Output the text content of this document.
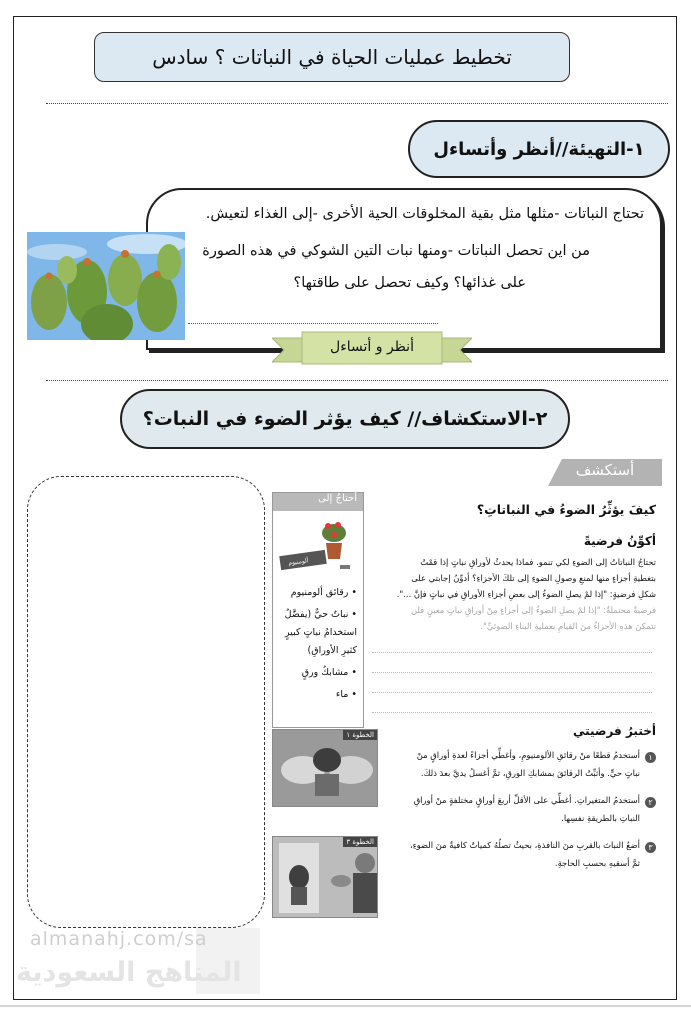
تخطيط عمليات الحياة في النباتات ؟ سادس
١-التهيئة//أنظر وأتساءل
تحتاج النباتات -مثلها مثل بقية المخلوقات الحية الأخرى -إلى الغذاء لتعيش.
من اين تحصل النباتات -ومنها نبات التين الشوكي في هذه الصورة
على غذائها؟ وكيف تحصل على طاقتها؟
أنظر و أتساءل
٢-الاستكشاف// كيف يؤثر الضوء في النبات؟
أستكشف
كيفَ يؤثِّرُ الضوءُ في النباتاتِ؟
أكوِّنُ فرضيةً
تحتاجُ النباتاتُ إلى الضوءِ لكي تنمو. فماذا يحدثُ لأوراقِ نباتٍ إذا قمْتُ
بتغطيةِ أجزاءٍ منها لمنعِ وصولِ الضوءِ إلى تلكَ الأجزاءِ؟ أدوِّنُ إجابتي على
شكلِ فرضيةٍ: "إذا لمْ يصلِ الضوءُ إلى بعضِ أجزاءِ الأوراقِ في نباتٍ فإنَّ ...".
فرضيةٌ محتملةٌ: "إذا لمْ يصلِ الضوءُ إلى أجزاءٍ مِنْ أوراقِ نباتٍ معينٍ فلن
تتمكنَ هذهِ الأجزاءُ منَ القيامِ بعمليةِ البناءِ الضوئيِّ".
أختبرُ فرضيتي
١
أستخدمُ قطعًا منْ رقائقِ الألومنيومِ، وأغطِّي أجزاءً لعدةِ أوراقٍ منْ
نباتٍ حيٍّ. وأثبِّتُ الرقائقَ بمشابكِ الورقِ، ثمَّ أغسلُ يديَّ بعدَ ذلكَ.
٢
أستخدمُ المتغيراتِ. أغطِّي على الأقلِّ أربعَ أوراقٍ مختلفةٍ منْ أوراقِ
النباتِ بالطريقةِ نفسِها.
٣
أضعُ النباتَ بالقربِ منَ النافذةِ، بحيثُ تصلُهُ كمياتٌ كافيةٌ منَ الضوءِ،
ثمَّ أسقيهِ بحسبِ الحاجةِ.
أحتاجُ إلى
ألومنيوم
• رقائق ألومنيوم
• نباتٌ حيٌّ (يفضَّلُ
استخدامُ نباتٍ كبيرٍ
كثيرِ الأوراقِ)
• مشابكُ ورقٍ
• ماء
الخطوة ١
الخطوة ٣
almanahj.com/sa
المناهج السعودية
